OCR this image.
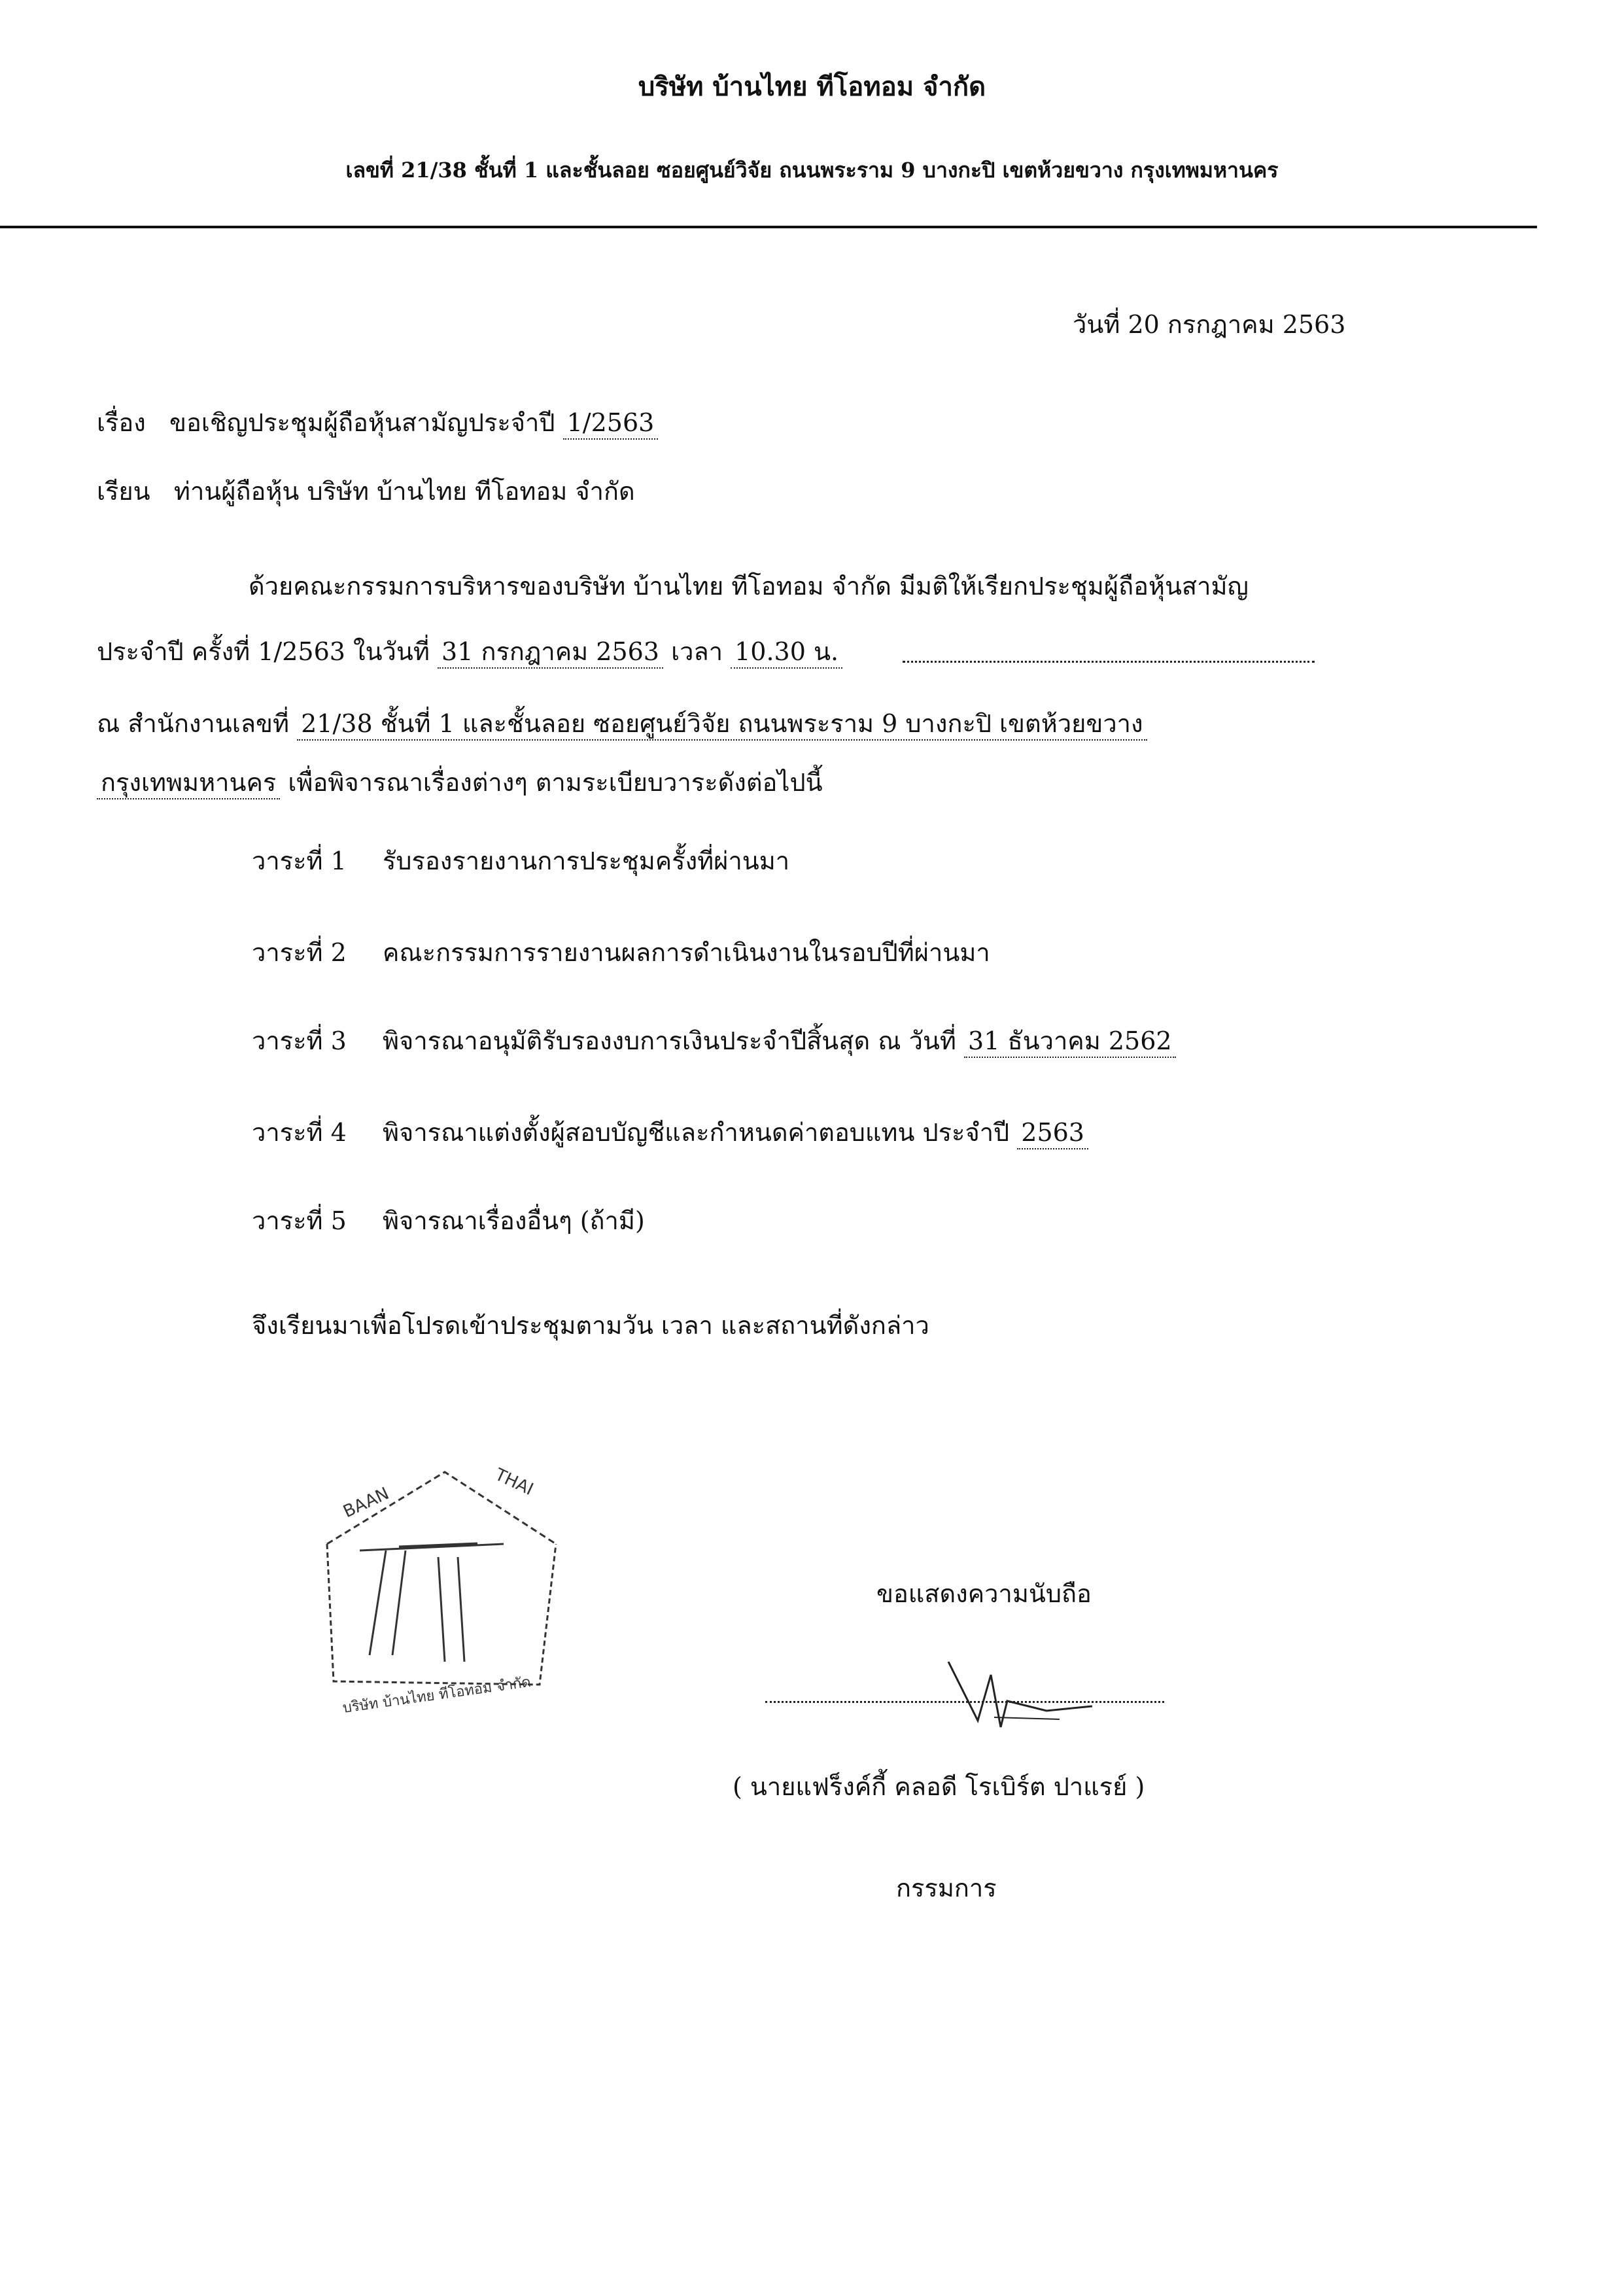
บริษัท บ้านไทย ทีโอทอม จำกัด
เลขที่ 21/38 ชั้นที่ 1 และชั้นลอย ซอยศูนย์วิจัย ถนนพระราม 9 บางกะปิ เขตห้วยขวาง กรุงเทพมหานคร
วันที่ 20 กรกฎาคม 2563
เรื่อง ขอเชิญประชุมผู้ถือหุ้นสามัญประจำปี 1/2563
เรียน ท่านผู้ถือหุ้น บริษัท บ้านไทย ทีโอทอม จำกัด
ด้วยคณะกรรมการบริหารของบริษัท บ้านไทย ทีโอทอม จำกัด มีมติให้เรียกประชุมผู้ถือหุ้นสามัญ
ประจำปี ครั้งที่ 1/2563 ในวันที่ 31 กรกฎาคม 2563 เวลา 10.30 น.
ณ สำนักงานเลขที่ 21/38 ชั้นที่ 1 และชั้นลอย ซอยศูนย์วิจัย ถนนพระราม 9 บางกะปิ เขตห้วยขวาง
กรุงเทพมหานคร เพื่อพิจารณาเรื่องต่างๆ ตามระเบียบวาระดังต่อไปนี้
วาระที่ 1 รับรองรายงานการประชุมครั้งที่ผ่านมา
วาระที่ 2 คณะกรรมการรายงานผลการดำเนินงานในรอบปีที่ผ่านมา
วาระที่ 3 พิจารณาอนุมัติรับรองงบการเงินประจำปีสิ้นสุด ณ วันที่ 31 ธันวาคม 2562
วาระที่ 4 พิจารณาแต่งตั้งผู้สอบบัญชีและกำหนดค่าตอบแทน ประจำปี 2563
วาระที่ 5 พิจารณาเรื่องอื่นๆ (ถ้ามี)
จึงเรียนมาเพื่อโปรดเข้าประชุมตามวัน เวลา และสถานที่ดังกล่าว
BAAN
THAI
บริษัท บ้านไทย ทีโอทอม จำกัด
ขอแสดงความนับถือ
( นายแฟร็งค์กี้ คลอดี โรเบิร์ต ปาแรย์ )
กรรมการ
